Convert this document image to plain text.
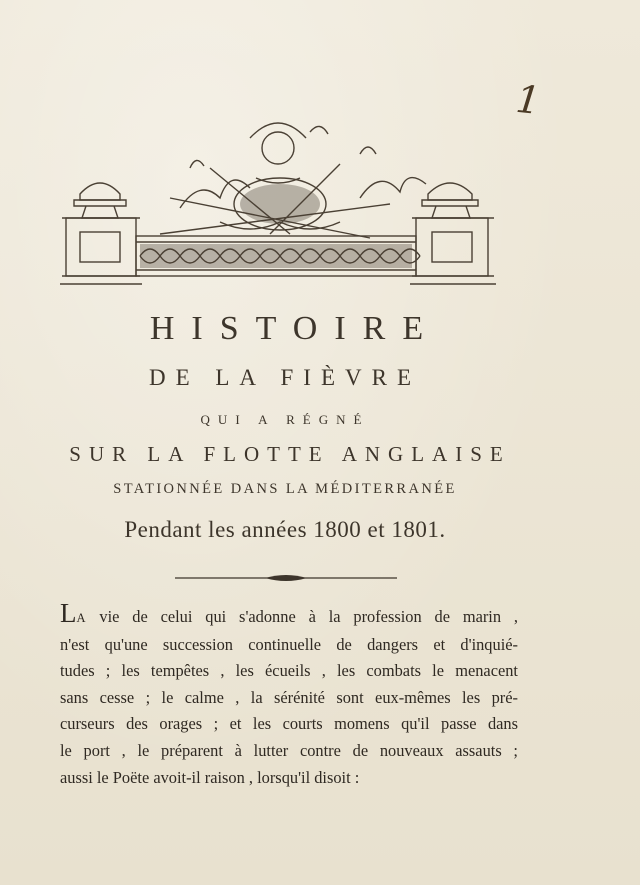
1
HISTOIRE
DE LA FIÈVRE
QUI A RÉGNÉ
SUR LA FLOTTE ANGLAISE
STATIONNÉE DANS LA MÉDITERRANÉE
Pendant les années 1800 et 1801.
LA vie de celui qui s'adonne à la profession de marin ,
n'est qu'une succession continuelle de dangers et d'inquié-
tudes ; les tempêtes , les écueils , les combats le menacent
sans cesse ; le calme , la sérénité sont eux-mêmes les pré-
curseurs des orages ; et les courts momens qu'il passe dans
le port , le préparent à lutter contre de nouveaux assauts ;
aussi le Poëte avoit-il raison , lorsqu'il disoit :
